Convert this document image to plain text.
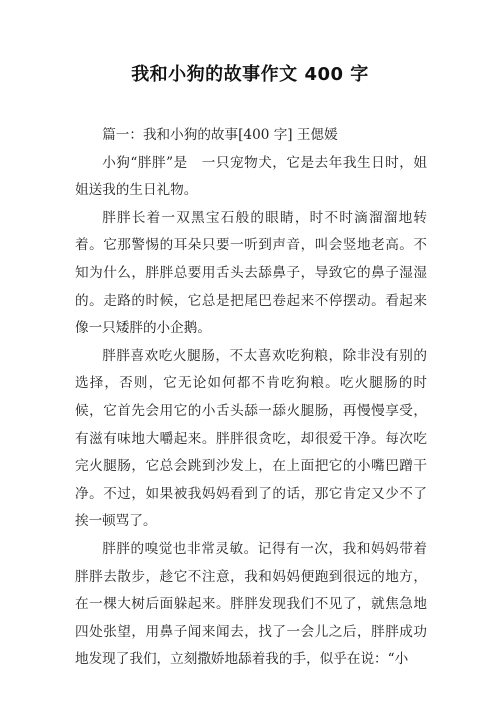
我和小狗的故事作文 400 字

篇一：我和小狗的故事[400 字] 王偲媛

小狗“胖胖”是　一只宠物犬，它是去年我生日时，姐姐送我的生日礼物。

胖胖长着一双黑宝石般的眼睛，时不时滴溜溜地转着。它那警惕的耳朵只要一听到声音，叫会竖地老高。不知为什么，胖胖总要用舌头去舔鼻子，导致它的鼻子湿湿的。走路的时候，它总是把尾巴卷起来不停摆动。看起来像一只矮胖的小企鹅。

胖胖喜欢吃火腿肠，不太喜欢吃狗粮，除非没有别的选择，否则，它无论如何都不肯吃狗粮。吃火腿肠的时候，它首先会用它的小舌头舔一舔火腿肠，再慢慢享受，有滋有味地大嚼起来。胖胖很贪吃，却很爱干净。每次吃完火腿肠，它总会跳到沙发上，在上面把它的小嘴巴蹭干净。不过，如果被我妈妈看到了的话，那它肯定又少不了挨一顿骂了。

胖胖的嗅觉也非常灵敏。记得有一次，我和妈妈带着胖胖去散步，趁它不注意，我和妈妈便跑到很远的地方，在一棵大树后面躲起来。胖胖发现我们不见了，就焦急地四处张望，用鼻子闻来闻去，找了一会儿之后，胖胖成功地发现了我们，立刻撒娇地舔着我的手，似乎在说：“小
